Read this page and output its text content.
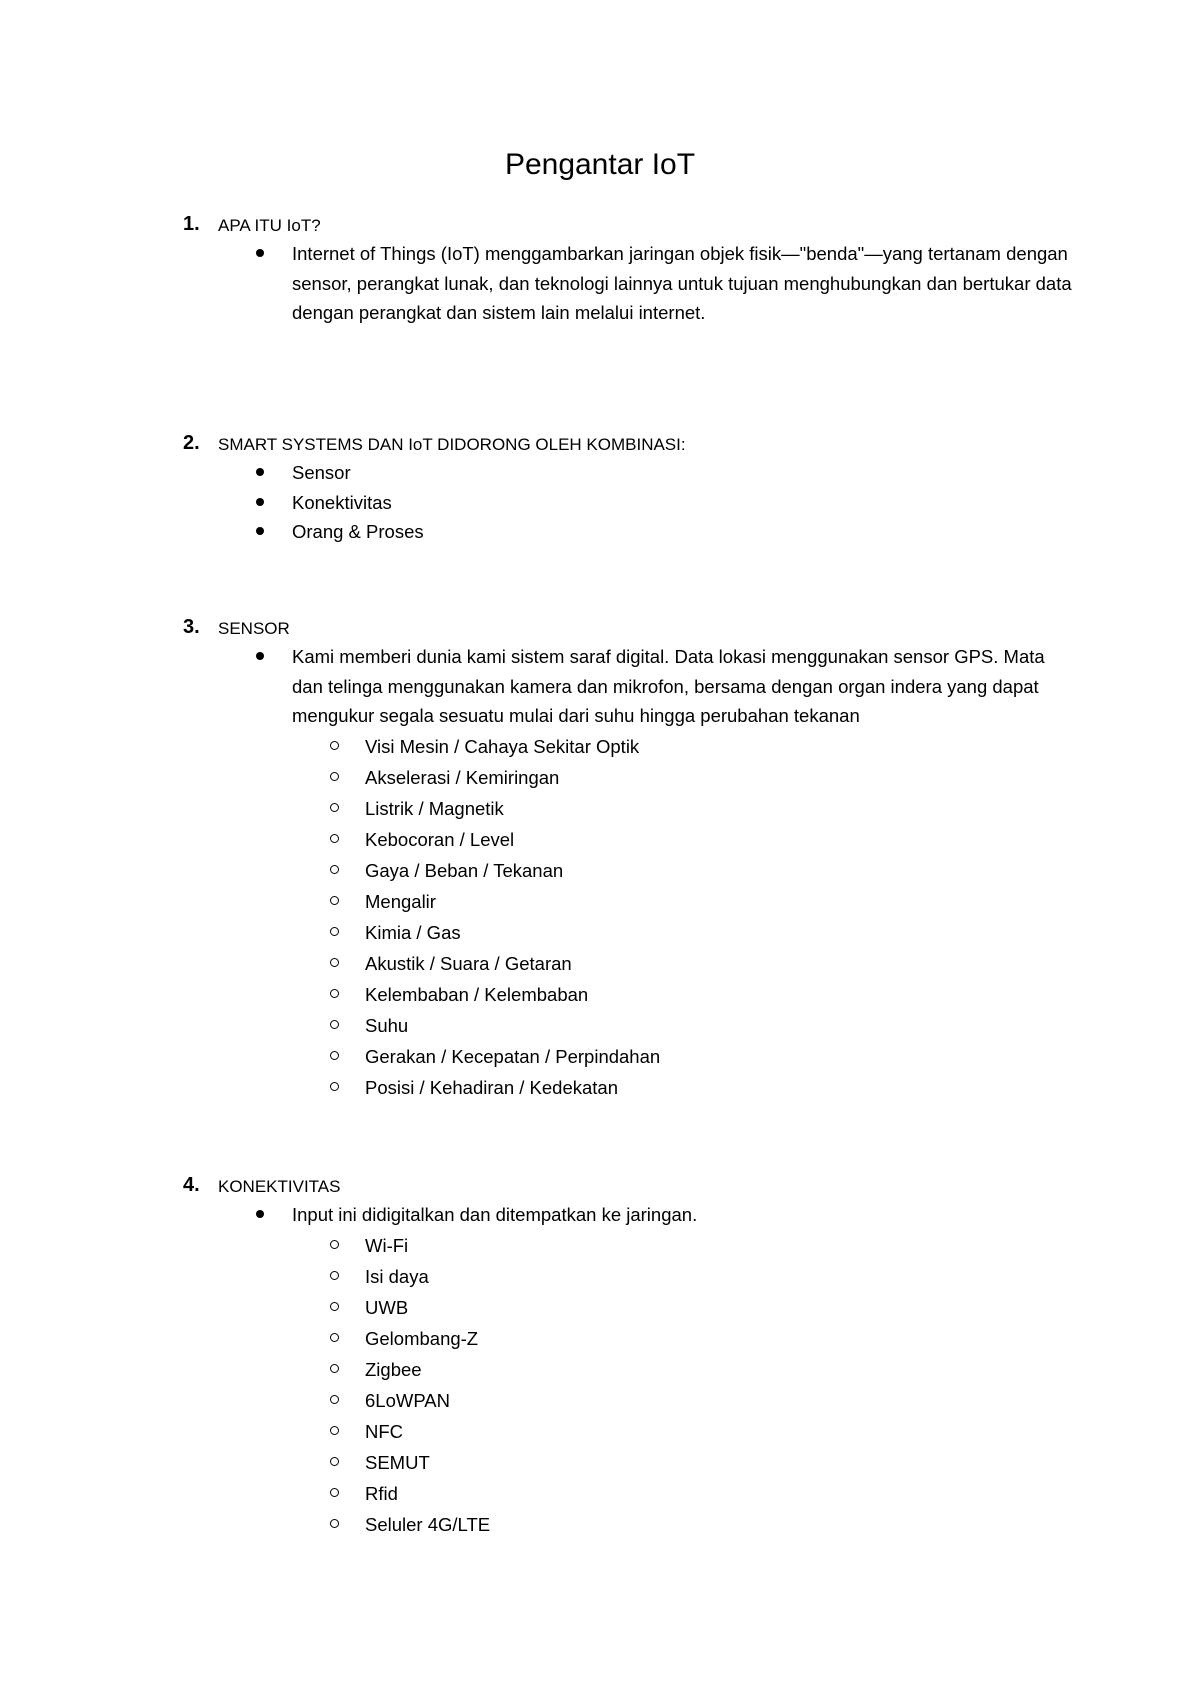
Pengantar IoT
1. APA ITU IoT?
Internet of Things (IoT) menggambarkan jaringan objek fisik—"benda"—yang tertanam dengan sensor, perangkat lunak, dan teknologi lainnya untuk tujuan menghubungkan dan bertukar data dengan perangkat dan sistem lain melalui internet.
2. SMART SYSTEMS DAN IoT DIDORONG OLEH KOMBINASI:
Sensor
Konektivitas
Orang & Proses
3. SENSOR
Kami memberi dunia kami sistem saraf digital. Data lokasi menggunakan sensor GPS. Mata dan telinga menggunakan kamera dan mikrofon, bersama dengan organ indera yang dapat mengukur segala sesuatu mulai dari suhu hingga perubahan tekanan
Visi Mesin / Cahaya Sekitar Optik
Akselerasi / Kemiringan
Listrik / Magnetik
Kebocoran / Level
Gaya / Beban / Tekanan
Mengalir
Kimia / Gas
Akustik / Suara / Getaran
Kelembaban / Kelembaban
Suhu
Gerakan / Kecepatan / Perpindahan
Posisi / Kehadiran / Kedekatan
4. KONEKTIVITAS
Input ini didigitalkan dan ditempatkan ke jaringan.
Wi-Fi
Isi daya
UWB
Gelombang-Z
Zigbee
6LoWPAN
NFC
SEMUT
Rfid
Seluler 4G/LTE
